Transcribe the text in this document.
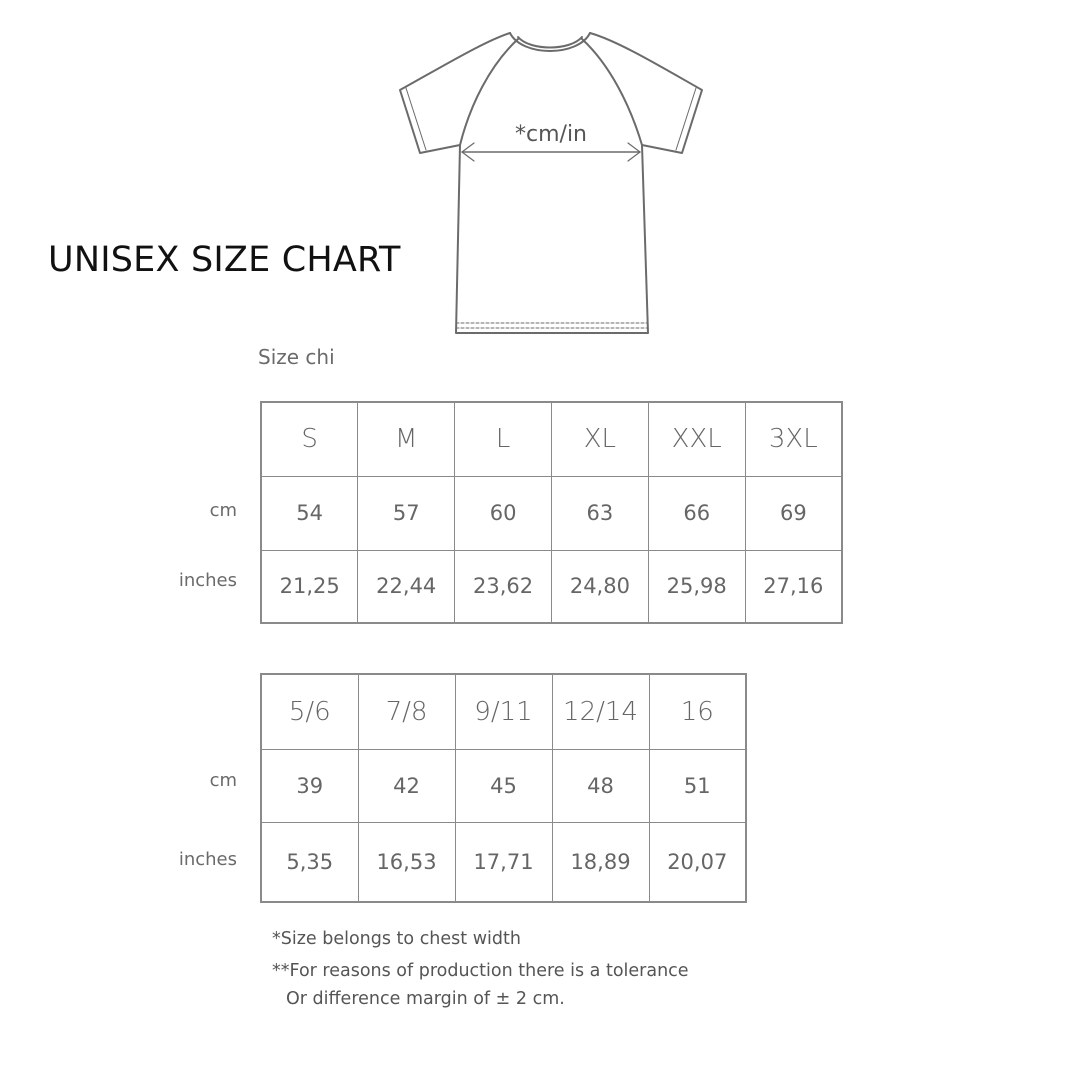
*cm/in
UNISEX SIZE CHART
Size chi
cm
inches
S	M	L	XL	XXL	3XL
54	57	60	63	66	69
21,25	22,44	23,62	24,80	25,98	27,16
cm
inches
5/6	7/8	9/11	12/14	16
39	42	45	48	51
5,35	16,53	17,71	18,89	20,07
*Size belongs to chest width
**For reasons of production there is a tolerance
Or difference margin of ± 2 cm.
